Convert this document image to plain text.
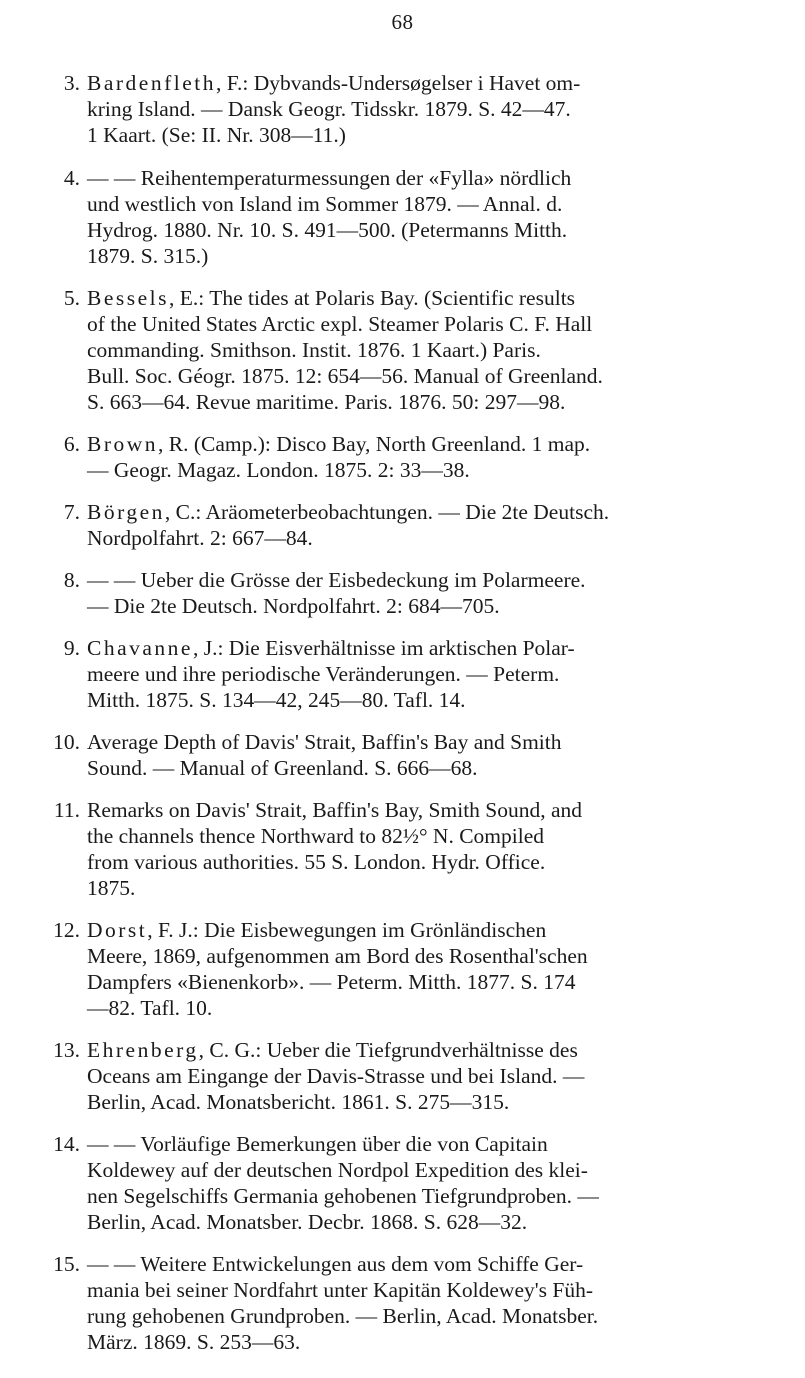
68
3. Bardenfleth, F.: Dybvands-Undersøgelser i Havet om-
kring Island. — Dansk Geogr. Tidsskr. 1879. S. 42—47.
1 Kaart. (Se: II. Nr. 308—11.)
4. — — Reihentemperaturmessungen der «Fylla» nördlich
und westlich von Island im Sommer 1879. — Annal. d.
Hydrog. 1880. Nr. 10. S. 491—500. (Petermanns Mitth.
1879. S. 315.)
5. Bessels, E.: The tides at Polaris Bay. (Scientific results
of the United States Arctic expl. Steamer Polaris C. F. Hall
commanding. Smithson. Instit. 1876. 1 Kaart.) Paris.
Bull. Soc. Géogr. 1875. 12: 654—56. Manual of Greenland.
S. 663—64. Revue maritime. Paris. 1876. 50: 297—98.
6. Brown, R. (Camp.): Disco Bay, North Greenland. 1 map.
— Geogr. Magaz. London. 1875. 2: 33—38.
7. Börgen, C.: Aräometerbeobachtungen. — Die 2te Deutsch.
Nordpolfahrt. 2: 667—84.
8. — — Ueber die Grösse der Eisbedeckung im Polarmeere.
— Die 2te Deutsch. Nordpolfahrt. 2: 684—705.
9. Chavanne, J.: Die Eisverhältnisse im arktischen Polar-
meere und ihre periodische Veränderungen. — Peterm.
Mitth. 1875. S. 134—42, 245—80. Tafl. 14.
10. Average Depth of Davis' Strait, Baffin's Bay and Smith
Sound. — Manual of Greenland. S. 666—68.
11. Remarks on Davis' Strait, Baffin's Bay, Smith Sound, and
the channels thence Northward to 82½° N. Compiled
from various authorities. 55 S. London. Hydr. Office.
1875.
12. Dorst, F. J.: Die Eisbewegungen im Grönländischen
Meere, 1869, aufgenommen am Bord des Rosenthal'schen
Dampfers «Bienenkorb». — Peterm. Mitth. 1877. S. 174
—82. Tafl. 10.
13. Ehrenberg, C. G.: Ueber die Tiefgrundverhältnisse des
Oceans am Eingange der Davis-Strasse und bei Island. —
Berlin, Acad. Monatsbericht. 1861. S. 275—315.
14. — — Vorläufige Bemerkungen über die von Capitain
Koldewey auf der deutschen Nordpol Expedition des klei-
nen Segelschiffs Germania gehobenen Tiefgrundproben. —
Berlin, Acad. Monatsber. Decbr. 1868. S. 628—32.
15. — — Weitere Entwickelungen aus dem vom Schiffe Ger-
mania bei seiner Nordfahrt unter Kapitän Koldewey's Füh-
rung gehobenen Grundproben. — Berlin, Acad. Monatsber.
März. 1869. S. 253—63.
